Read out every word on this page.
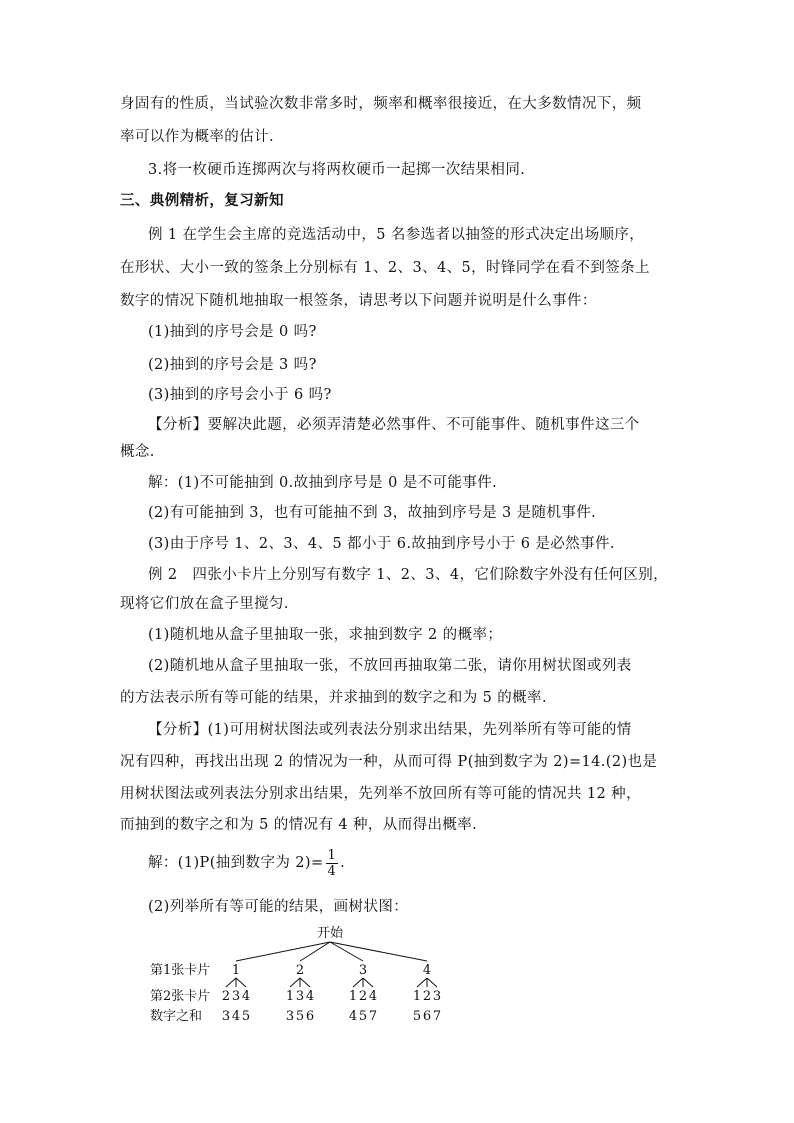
身固有的性质，当试验次数非常多时，频率和概率很接近，在大多数情况下，频
率可以作为概率的估计.
3.将一枚硬币连掷两次与将两枚硬币一起掷一次结果相同.
三、典例精析，复习新知
例 1 在学生会主席的竞选活动中，5 名参选者以抽签的形式决定出场顺序，
在形状、大小一致的签条上分别标有 1、2、3、4、5，时锋同学在看不到签条上
数字的情况下随机地抽取一根签条，请思考以下问题并说明是什么事件：
(1)抽到的序号会是 0 吗?
(2)抽到的序号会是 3 吗?
(3)抽到的序号会小于 6 吗?
【分析】要解决此题，必须弄清楚必然事件、不可能事件、随机事件这三个
概念.
解：(1)不可能抽到 0.故抽到序号是 0 是不可能事件.
(2)有可能抽到 3，也有可能抽不到 3，故抽到序号是 3 是随机事件.
(3)由于序号 1、2、3、4、5 都小于 6.故抽到序号小于 6 是必然事件.
例 2　四张小卡片上分别写有数字 1、2、3、4，它们除数字外没有任何区别，
现将它们放在盒子里搅匀.
(1)随机地从盒子里抽取一张，求抽到数字 2 的概率；
(2)随机地从盒子里抽取一张，不放回再抽取第二张，请你用树状图或列表
的方法表示所有等可能的结果，并求抽到的数字之和为 5 的概率.
【分析】(1)可用树状图法或列表法分别求出结果，先列举所有等可能的情
况有四种，再找出出现 2 的情况为一种，从而可得 P(抽到数字为 2)=14.(2)也是
用树状图法或列表法分别求出结果，先列举不放回所有等可能的情况共 12 种，
而抽到的数字之和为 5 的情况有 4 种，从而得出概率.
解：(1)P(抽到数字为 $2)= \frac{1}{4}$ .
(2)列举所有等可能的结果，画树状图：
开始
第1张卡片
第2张卡片
数字之和
1
2
3
3
4
4
5
2
1
3
3
5
4
6
3
1
4
2
5
4
7
4
1
5
2
6
3
7
